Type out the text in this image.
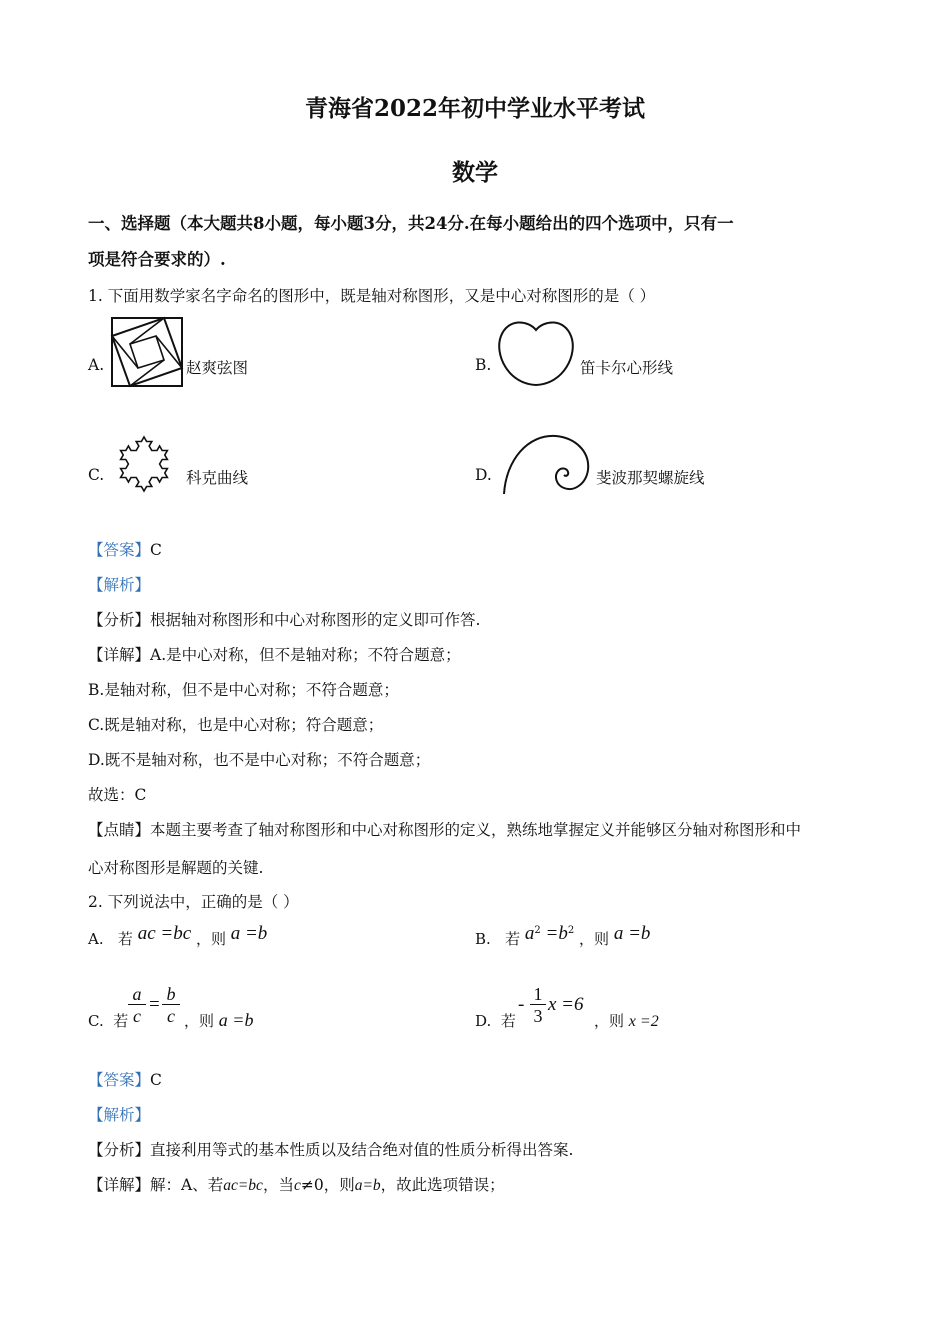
青海省2022年初中学业水平考试
数学
一、选择题（本大题共8小题，每小题3分，共24分.在每小题给出的四个选项中，只有一
项是符合要求的）.
1. 下面用数学家名字命名的图形中，既是轴对称图形，又是中心对称图形的是（ ）
A.	赵爽弦图	B.	笛卡尔心形线
C.	科克曲线	D.	斐波那契螺旋线
【答案】C
【解析】
【分析】根据轴对称图形和中心对称图形的定义即可作答.
【详解】A.是中心对称，但不是轴对称；不符合题意；
B.是轴对称，但不是中心对称；不符合题意；
C.既是轴对称，也是中心对称；符合题意；
D.既不是轴对称，也不是中心对称；不符合题意；
故选：C
【点睛】本题主要考查了轴对称图形和中心对称图形的定义，熟练地掌握定义并能够区分轴对称图形和中
心对称图形是解题的关键.
2. 下列说法中，正确的是（ ）
A. 若 ac =bc ，则 a =b	B. 若 $a^2 =b^2$ ，则 a =b
C. 若 $\frac{a}{c} = \frac{b}{c}$ ，则 a =b	D. 若
- $\frac{1}{3}$ x =6
，则 x =2
【答案】C
【解析】
【分析】直接利用等式的基本性质以及结合绝对值的性质分析得出答案.
【详解】解：A、若ac=bc，当c≠0，则a=b，故此选项错误；
